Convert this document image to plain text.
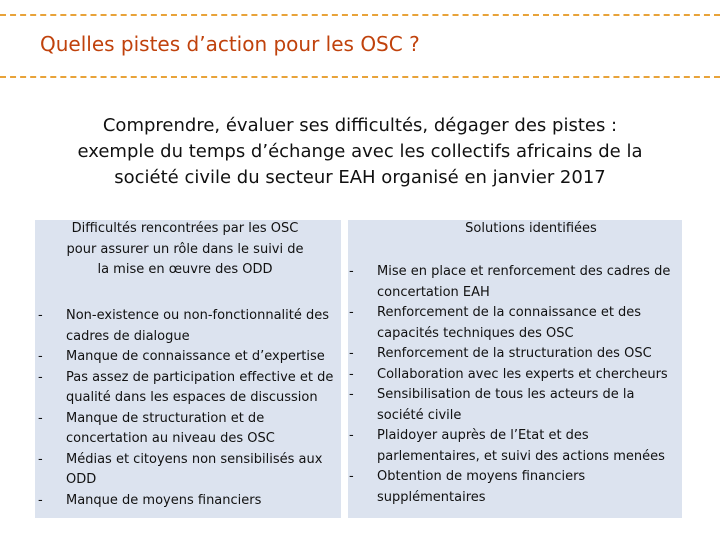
Quelles pistes d’action pour les OSC ?
Comprendre, évaluer ses difficultés, dégager des pistes :
exemple du temps d’échange avec les collectifs africains de la
société civile du secteur EAH organisé en janvier 2017
Difficultés rencontrées par les OSC
pour assurer un rôle dans le suivi de
la mise en œuvre des ODD
Solutions identifiées
- Non-existence ou non-fonctionnalité des
cadres de dialogue
- Manque de connaissance et d’expertise
- Pas assez de participation effective et de
qualité dans les espaces de discussion
- Manque de structuration et de
concertation au niveau des OSC
- Médias et citoyens non sensibilisés aux
ODD
- Manque de moyens financiers
- Mise en place et renforcement des cadres de
concertation EAH
- Renforcement de la connaissance et des
capacités techniques des OSC
- Renforcement de la structuration des OSC
- Collaboration avec les experts et chercheurs
- Sensibilisation de tous les acteurs de la
société civile
- Plaidoyer auprès de l’Etat et des
parlementaires, et suivi des actions menées
- Obtention de moyens financiers
supplémentaires
